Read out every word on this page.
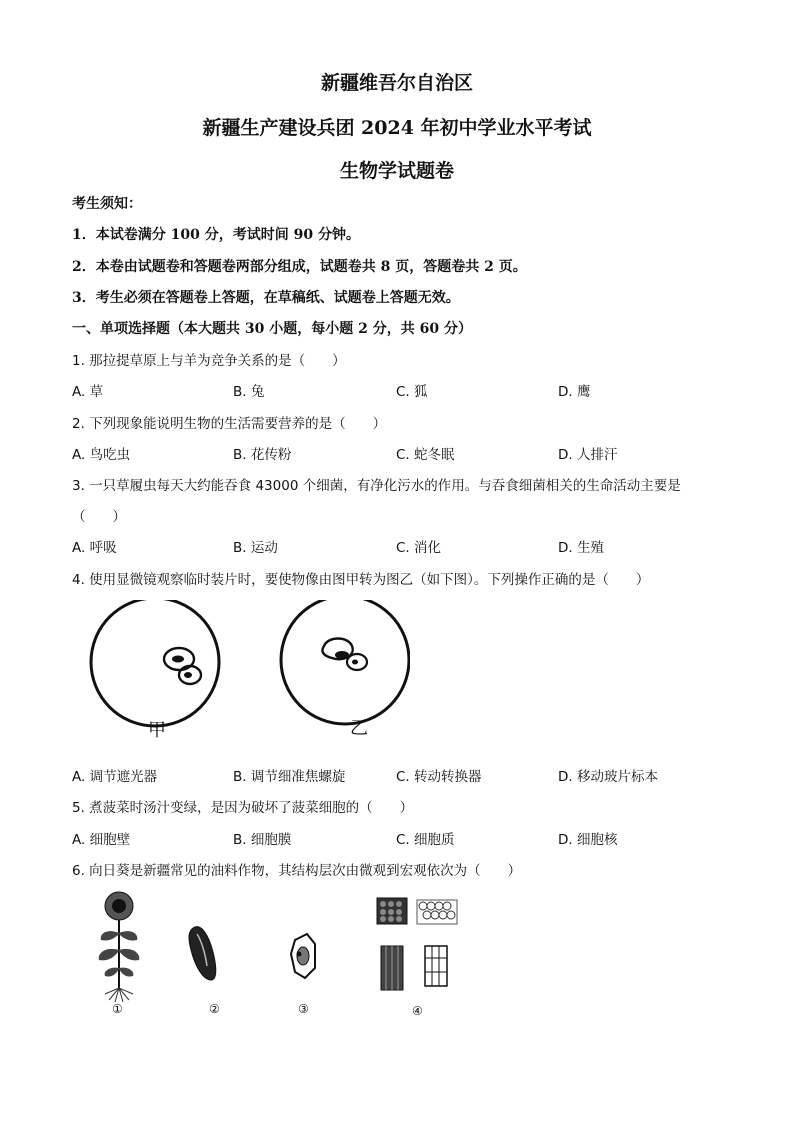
新疆维吾尔自治区
新疆生产建设兵团 2024 年初中学业水平考试
生物学试题卷
考生须知：
1．本试卷满分 100 分，考试时间 90 分钟。
2．本卷由试题卷和答题卷两部分组成，试题卷共 8 页，答题卷共 2 页。
3．考生必须在答题卷上答题，在草稿纸、试题卷上答题无效。
一、单项选择题（本大题共 30 小题，每小题 2 分，共 60 分）
1. 那拉提草原上与羊为竞争关系的是（　　）
A. 草	B. 兔	C. 狐	D. 鹰
2. 下列现象能说明生物的生活需要营养的是（　　）
A. 鸟吃虫	B. 花传粉	C. 蛇冬眠	D. 人排汗
3. 一只草履虫每天大约能吞食 43000 个细菌，有净化污水的作用。与吞食细菌相关的生命活动主要是
（　　）
A. 呼吸	B. 运动	C. 消化	D. 生殖
4. 使用显微镜观察临时装片时，要使物像由图甲转为图乙（如下图）。下列操作正确的是（　　）
甲	乙
A. 调节遮光器	B. 调节细准焦螺旋	C. 转动转换器	D. 移动玻片标本
5. 煮菠菜时汤汁变绿，是因为破坏了菠菜细胞的（　　）
A. 细胞壁	B. 细胞膜	C. 细胞质	D. 细胞核
6. 向日葵是新疆常见的油料作物，其结构层次由微观到宏观依次为（　　）
①	②	③	④
